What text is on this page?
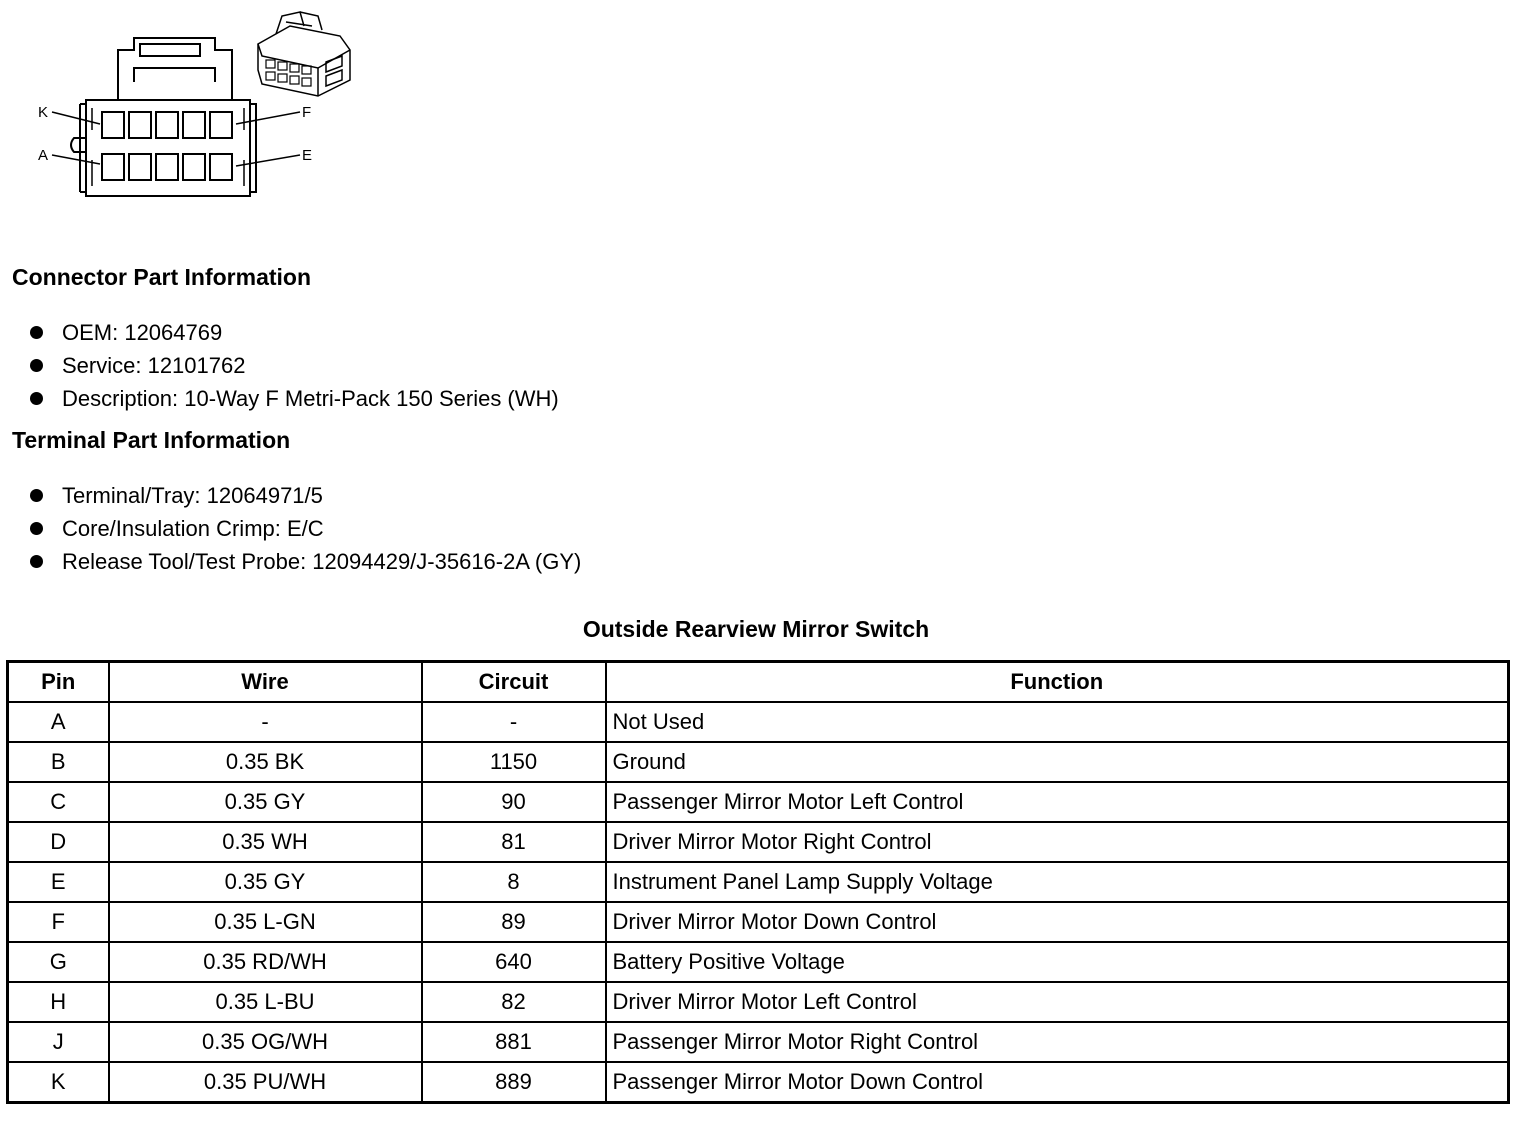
K	F
A	E
Connector Part Information
OEM: 12064769
Service: 12101762
Description: 10-Way F Metri-Pack 150 Series (WH)
Terminal Part Information
Terminal/Tray: 12064971/5
Core/Insulation Crimp: E/C
Release Tool/Test Probe: 12094429/J-35616-2A (GY)
Outside Rearview Mirror Switch
Pin	Wire	Circuit	Function
A	-	-	Not Used
B	0.35 BK	1150	Ground
C	0.35 GY	90	Passenger Mirror Motor Left Control
D	0.35 WH	81	Driver Mirror Motor Right Control
E	0.35 GY	8	Instrument Panel Lamp Supply Voltage
F	0.35 L-GN	89	Driver Mirror Motor Down Control
G	0.35 RD/WH	640	Battery Positive Voltage
H	0.35 L-BU	82	Driver Mirror Motor Left Control
J	0.35 OG/WH	881	Passenger Mirror Motor Right Control
K	0.35 PU/WH	889	Passenger Mirror Motor Down Control
